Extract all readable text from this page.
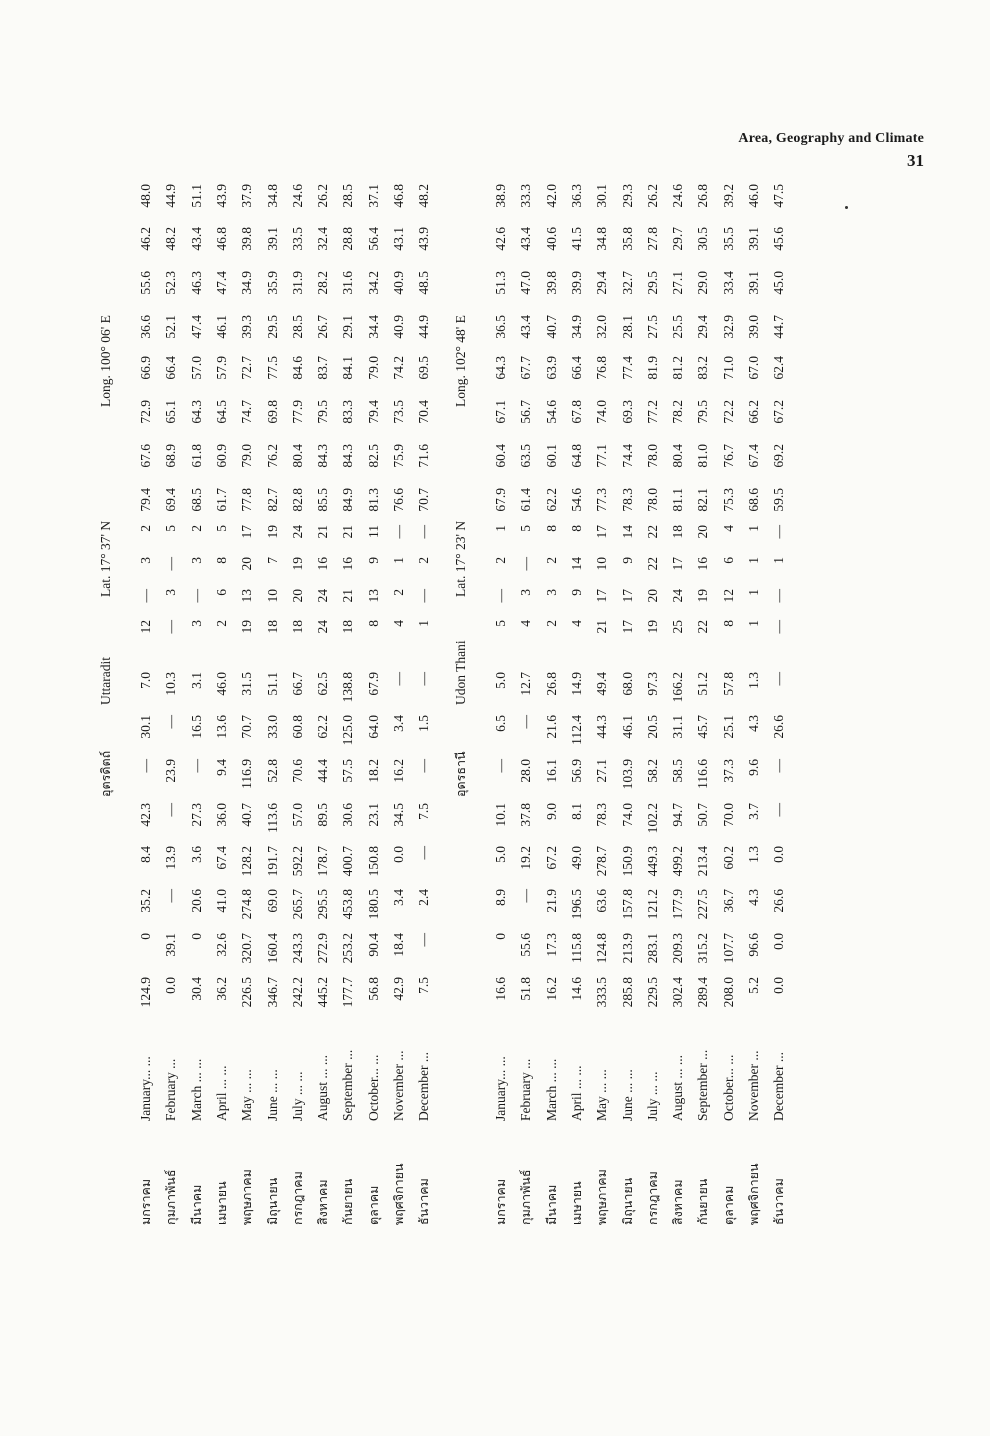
Area, Geography and Climate
31
อุตรดิตถ์
Uttaradit
Lat. 17° 37' N
Long. 100° 06' E
มกราคม
January... ...
124.9
0
35.2
8.4
42.3
—
30.1
7.0
12
—
3
2
79.4
67.6
72.9
66.9
36.6
55.6
46.2
48.0
กุมภาพันธ์
February ...
0.0
39.1
—
13.9
—
23.9
—
10.3
—
3
—
5
69.4
68.9
65.1
66.4
52.1
52.3
48.2
44.9
มีนาคม
March ... ...
30.4
0
20.6
3.6
27.3
—
16.5
3.1
3
—
3
2
68.5
61.8
64.3
57.0
47.4
46.3
43.4
51.1
เมษายน
April ... ...
36.2
32.6
41.0
67.4
36.0
9.4
13.6
46.0
2
6
8
5
61.7
60.9
64.5
57.9
46.1
47.4
46.8
43.9
พฤษภาคม
May ... ...
226.5
320.7
274.8
128.2
40.7
116.9
70.7
31.5
19
13
20
17
77.8
79.0
74.7
72.7
39.3
34.9
39.8
37.9
มิถุนายน
June ... ...
346.7
160.4
69.0
191.7
113.6
52.8
33.0
51.1
18
10
7
19
82.7
76.2
69.8
77.5
29.5
35.9
39.1
34.8
กรกฎาคม
July ... ...
242.2
243.3
265.7
592.2
57.0
70.6
60.8
66.7
18
20
19
24
82.8
80.4
77.9
84.6
28.5
31.9
33.5
24.6
สิงหาคม
August ... ...
445.2
272.9
295.5
178.7
89.5
44.4
62.2
62.5
24
24
16
21
85.5
84.3
79.5
83.7
26.7
28.2
32.4
26.2
กันยายน
September ...
177.7
253.2
453.8
400.7
30.6
57.5
125.0
138.8
18
21
16
21
84.9
84.3
83.3
84.1
29.1
31.6
28.8
28.5
ตุลาคม
October... ...
56.8
90.4
180.5
150.8
23.1
18.2
64.0
67.9
8
13
9
11
81.3
82.5
79.4
79.0
34.4
34.2
56.4
37.1
พฤศจิกายน
November ...
42.9
18.4
3.4
0.0
34.5
16.2
3.4
—
4
2
1
—
76.6
75.9
73.5
74.2
40.9
40.9
43.1
46.8
ธันวาคม
December ...
7.5
—
2.4
—
7.5
—
1.5
—
1
—
2
—
70.7
71.6
70.4
69.5
44.9
48.5
43.9
48.2
อุดรธานี
Udon Thani
Lat. 17° 23' N
Long. 102° 48' E
มกราคม
January... ...
16.6
0
8.9
5.0
10.1
—
6.5
5.0
5
—
2
1
67.9
60.4
67.1
64.3
36.5
51.3
42.6
38.9
กุมภาพันธ์
February ...
51.8
55.6
—
19.2
37.8
28.0
—
12.7
4
3
—
5
61.4
63.5
56.7
67.7
43.4
47.0
43.4
33.3
มีนาคม
March ... ...
16.2
17.3
21.9
67.2
9.0
16.1
21.6
26.8
2
3
2
8
62.2
60.1
54.6
63.9
40.7
39.8
40.6
42.0
เมษายน
April ... ...
14.6
115.8
196.5
49.0
8.1
56.9
112.4
14.9
4
9
14
8
54.6
64.8
67.8
66.4
34.9
39.9
41.5
36.3
พฤษภาคม
May ... ...
333.5
124.8
63.6
278.7
78.3
27.1
44.3
49.4
21
17
10
17
77.3
77.1
74.0
76.8
32.0
29.4
34.8
30.1
มิถุนายน
June ... ...
285.8
213.9
157.8
150.9
74.0
103.9
46.1
68.0
17
17
9
14
78.3
74.4
69.3
77.4
28.1
32.7
35.8
29.3
กรกฎาคม
July ... ...
229.5
283.1
121.2
449.3
102.2
58.2
20.5
97.3
19
20
22
22
78.0
78.0
77.2
81.9
27.5
29.5
27.8
26.2
สิงหาคม
August ... ...
302.4
209.3
177.9
499.2
94.7
58.5
31.1
166.2
25
24
17
18
81.1
80.4
78.2
81.2
25.5
27.1
29.7
24.6
กันยายน
September ...
289.4
315.2
227.5
213.4
50.7
116.6
45.7
51.2
22
19
16
20
82.1
81.0
79.5
83.2
29.4
29.0
30.5
26.8
ตุลาคม
October... ...
208.0
107.7
36.7
60.2
70.0
37.3
25.1
57.8
8
12
6
4
75.3
76.7
72.2
71.0
32.9
33.4
35.5
39.2
พฤศจิกายน
November ...
5.2
96.6
4.3
1.3
3.7
9.6
4.3
1.3
1
1
1
1
68.6
67.4
66.2
67.0
39.0
39.1
39.1
46.0
ธันวาคม
December ...
0.0
0.0
26.6
0.0
—
—
26.6
—
—
—
1
—
59.5
69.2
67.2
62.4
44.7
45.0
45.6
47.5
